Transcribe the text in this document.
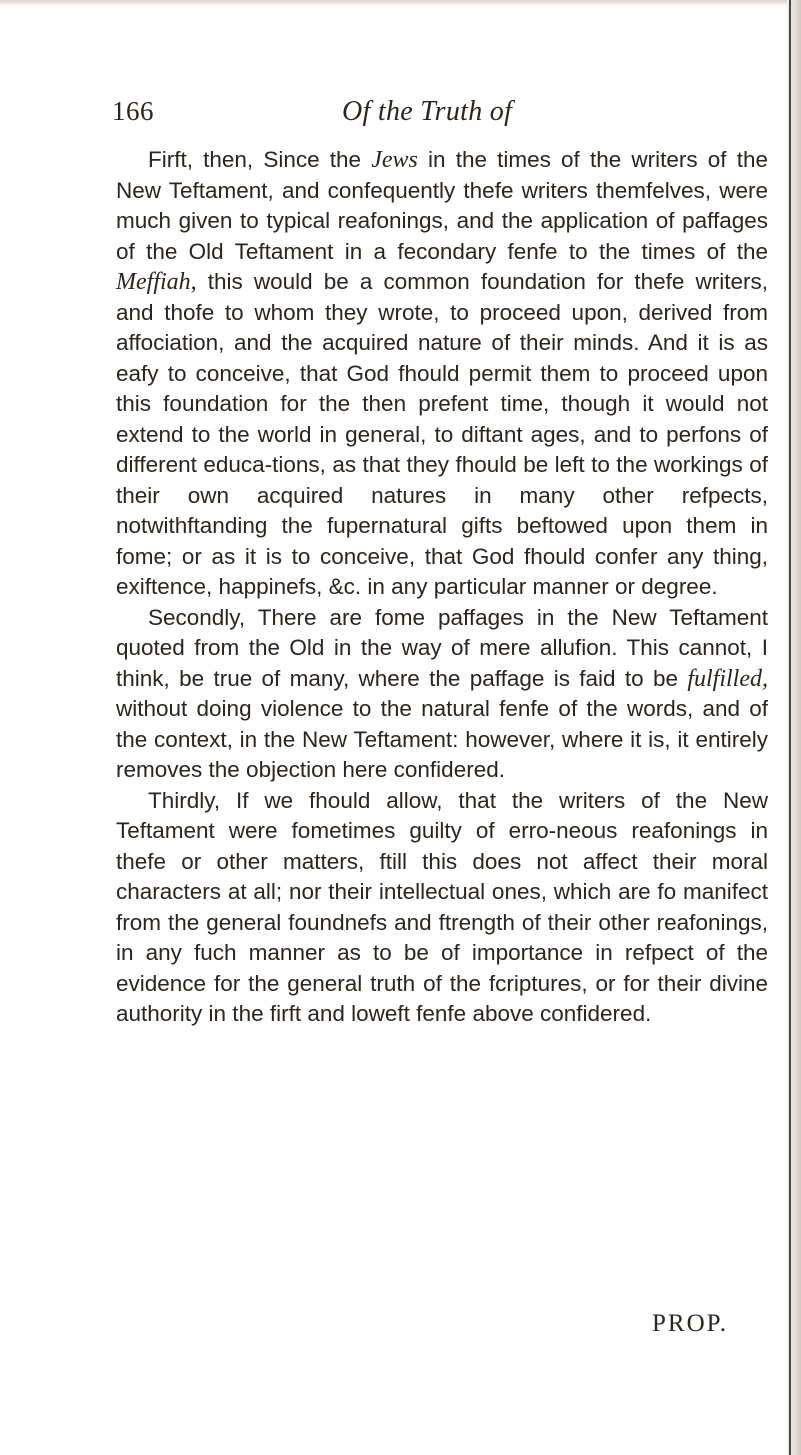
166	Of the Truth of

Firft, then, Since the Jews in the times of the writers of the New Teftament, and confequently thefe writers themfelves, were much given to typical reafonings, and the application of paffages of the Old Teftament in a fecondary fenfe to the times of the Meffiah, this would be a common foundation for thefe writers, and thofe to whom they wrote, to proceed upon, derived from affociation, and the acquired nature of their minds. And it is as eafy to conceive, that God fhould permit them to proceed upon this foundation for the then prefent time, though it would not extend to the world in general, to diftant ages, and to perfons of different educa-tions, as that they fhould be left to the workings of their own acquired natures in many other refpects, notwithftanding the fupernatural gifts beftowed upon them in fome; or as it is to conceive, that God fhould confer any thing, exiftence, happinefs, &c. in any particular manner or degree.

Secondly, There are fome paffages in the New Teftament quoted from the Old in the way of mere allufion. This cannot, I think, be true of many, where the paffage is faid to be fulfilled, without doing violence to the natural fenfe of the words, and of the context, in the New Teftament: however, where it is, it entirely removes the objection here confidered.

Thirdly, If we fhould allow, that the writers of the New Teftament were fometimes guilty of erro-neous reafonings in thefe or other matters, ftill this does not affect their moral characters at all; nor their intellectual ones, which are fo manifect from the general foundnefs and ftrength of their other reafonings, in any fuch manner as to be of importance in refpect of the evidence for the general truth of the fcriptures, or for their divine authority in the firft and loweft fenfe above confidered.

PROP.
